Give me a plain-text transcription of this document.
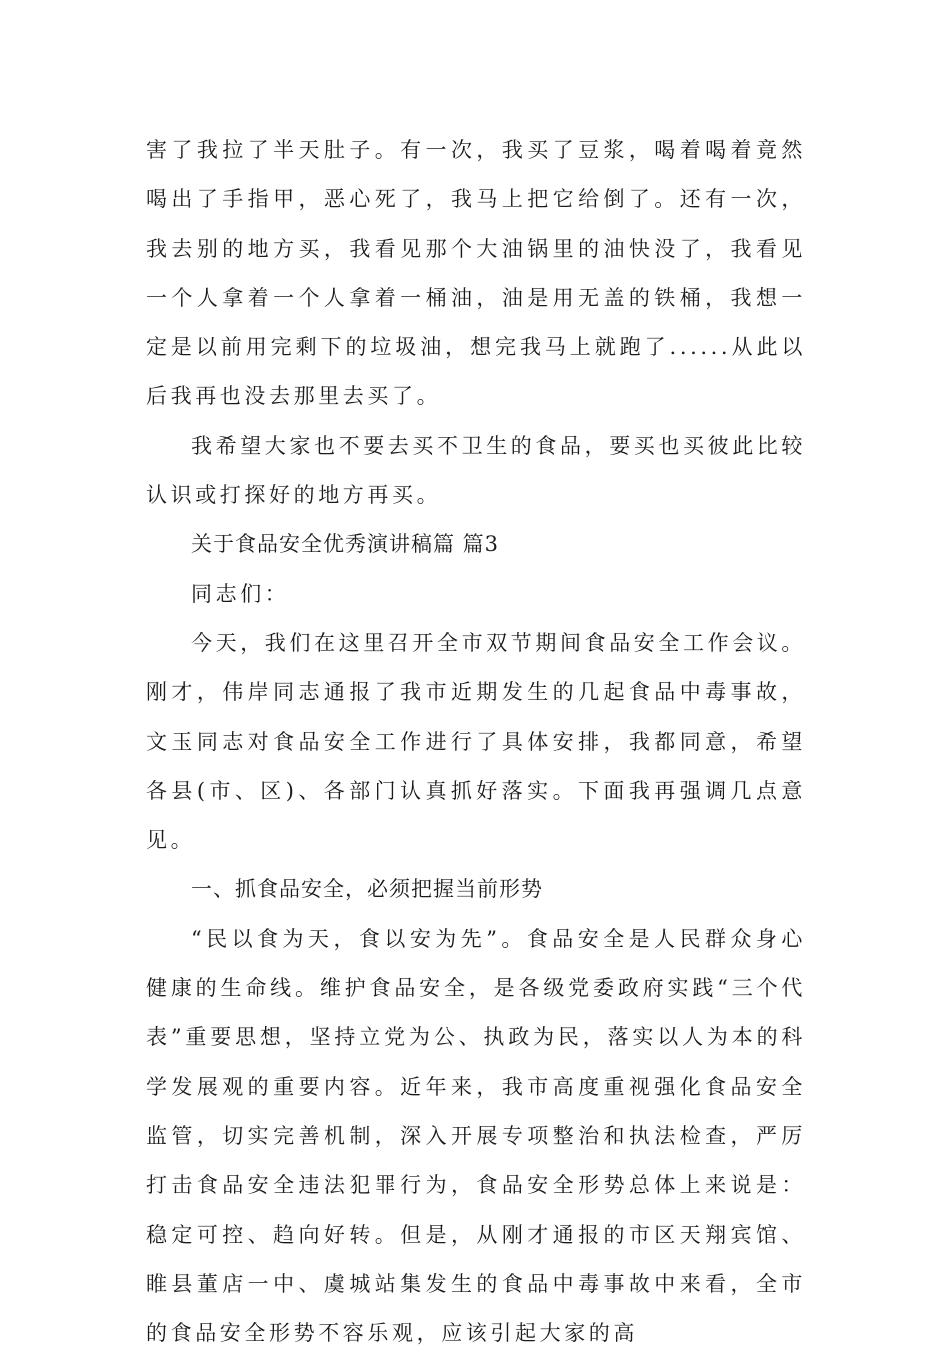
害了我拉了半天肚子。有一次，我买了豆浆，喝着喝着竟然喝出了手指甲，恶心死了，我马上把它给倒了。还有一次，我去别的地方买，我看见那个大油锅里的油快没了，我看见一个人拿着一个人拿着一桶油，油是用无盖的铁桶，我想一定是以前用完剩下的垃圾油，想完我马上就跑了......从此以后我再也没去那里去买了。

我希望大家也不要去买不卫生的食品，要买也买彼此比较认识或打探好的地方再买。

关于食品安全优秀演讲稿篇 篇3

同志们：

今天，我们在这里召开全市双节期间食品安全工作会议。刚才，伟岸同志通报了我市近期发生的几起食品中毒事故，文玉同志对食品安全工作进行了具体安排，我都同意，希望各县(市、区)、各部门认真抓好落实。下面我再强调几点意见。

一、抓食品安全，必须把握当前形势

“民以食为天，食以安为先”。食品安全是人民群众身心健康的生命线。维护食品安全，是各级党委政府实践“三个代表”重要思想，坚持立党为公、执政为民，落实以人为本的科学发展观的重要内容。近年来，我市高度重视强化食品安全监管，切实完善机制，深入开展专项整治和执法检查，严厉打击食品安全违法犯罪行为，食品安全形势总体上来说是：稳定可控、趋向好转。但是，从刚才通报的市区天翔宾馆、睢县董店一中、虞城站集发生的食品中毒事故中来看，全市的食品安全形势不容乐观，应该引起大家的高
